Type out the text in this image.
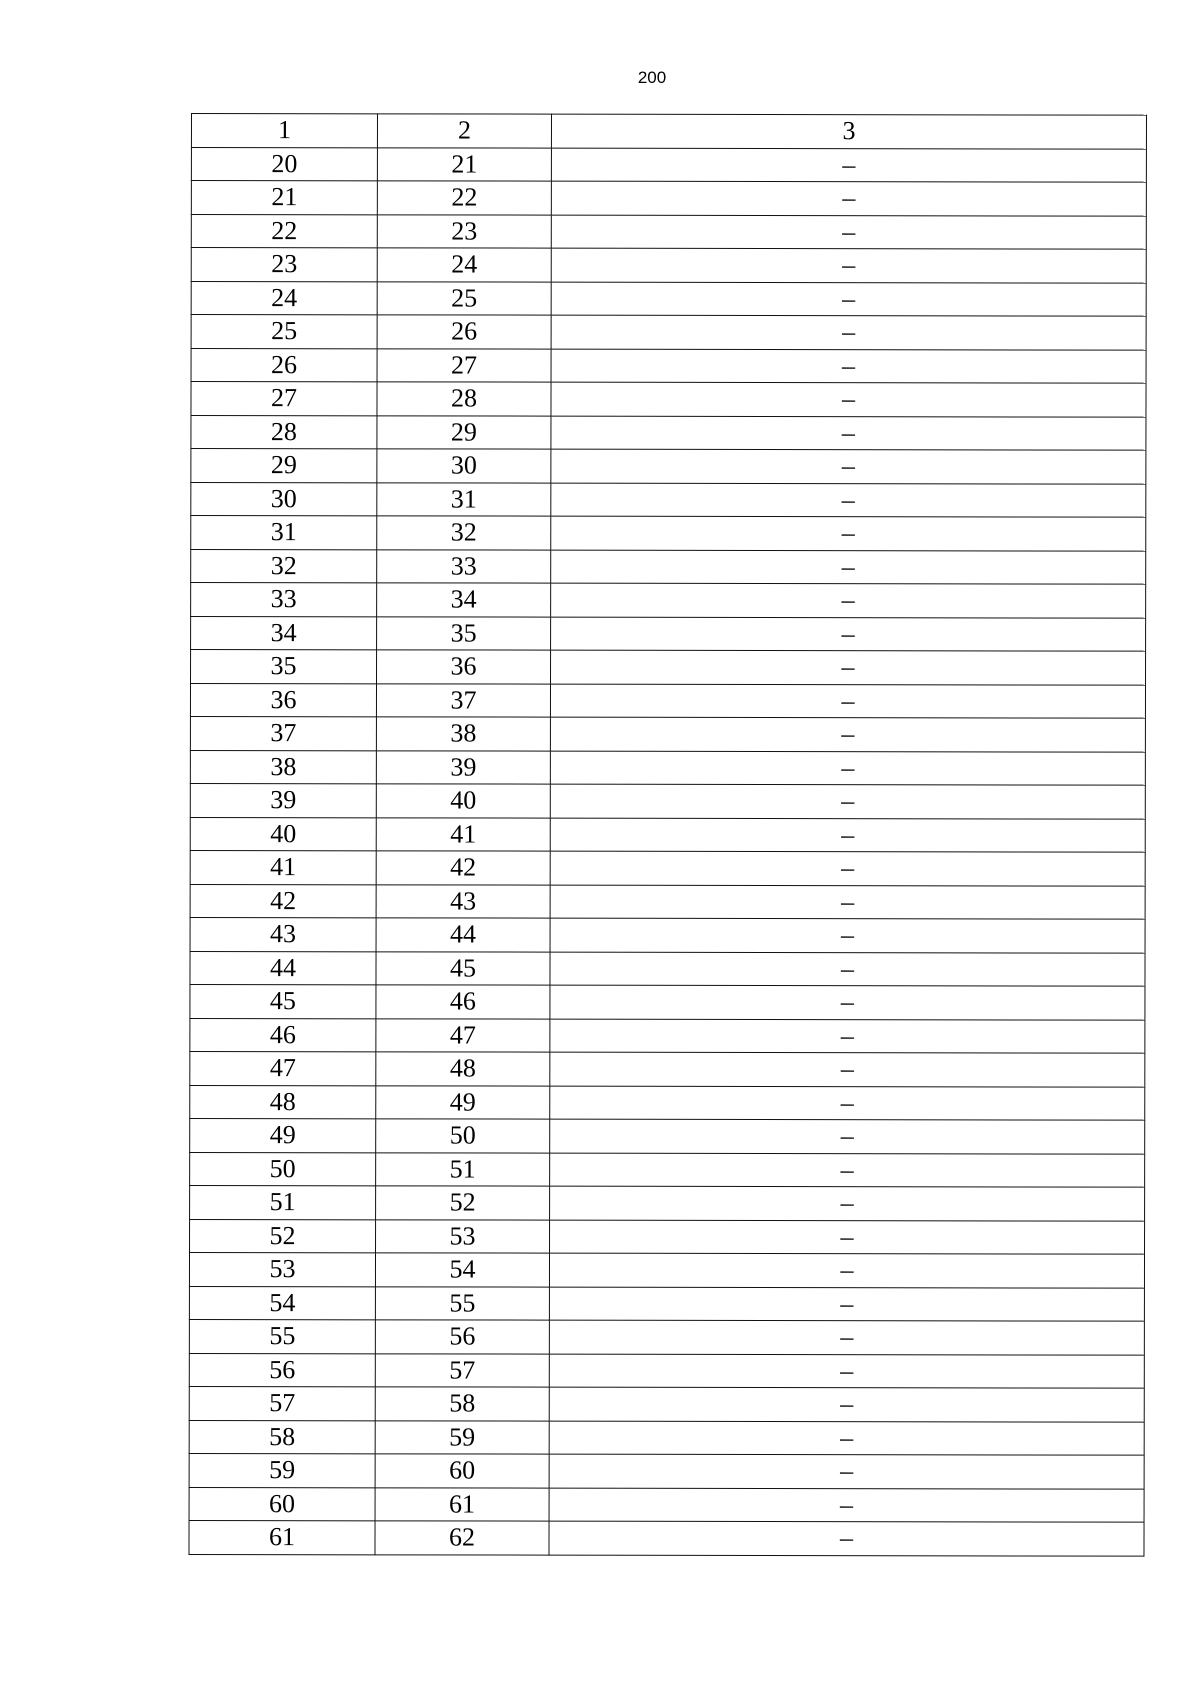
200
1	2	3
20	21	–
21	22	–
22	23	–
23	24	–
24	25	–
25	26	–
26	27	–
27	28	–
28	29	–
29	30	–
30	31	–
31	32	–
32	33	–
33	34	–
34	35	–
35	36	–
36	37	–
37	38	–
38	39	–
39	40	–
40	41	–
41	42	–
42	43	–
43	44	–
44	45	–
45	46	–
46	47	–
47	48	–
48	49	–
49	50	–
50	51	–
51	52	–
52	53	–
53	54	–
54	55	–
55	56	–
56	57	–
57	58	–
58	59	–
59	60	–
60	61	–
61	62	–
